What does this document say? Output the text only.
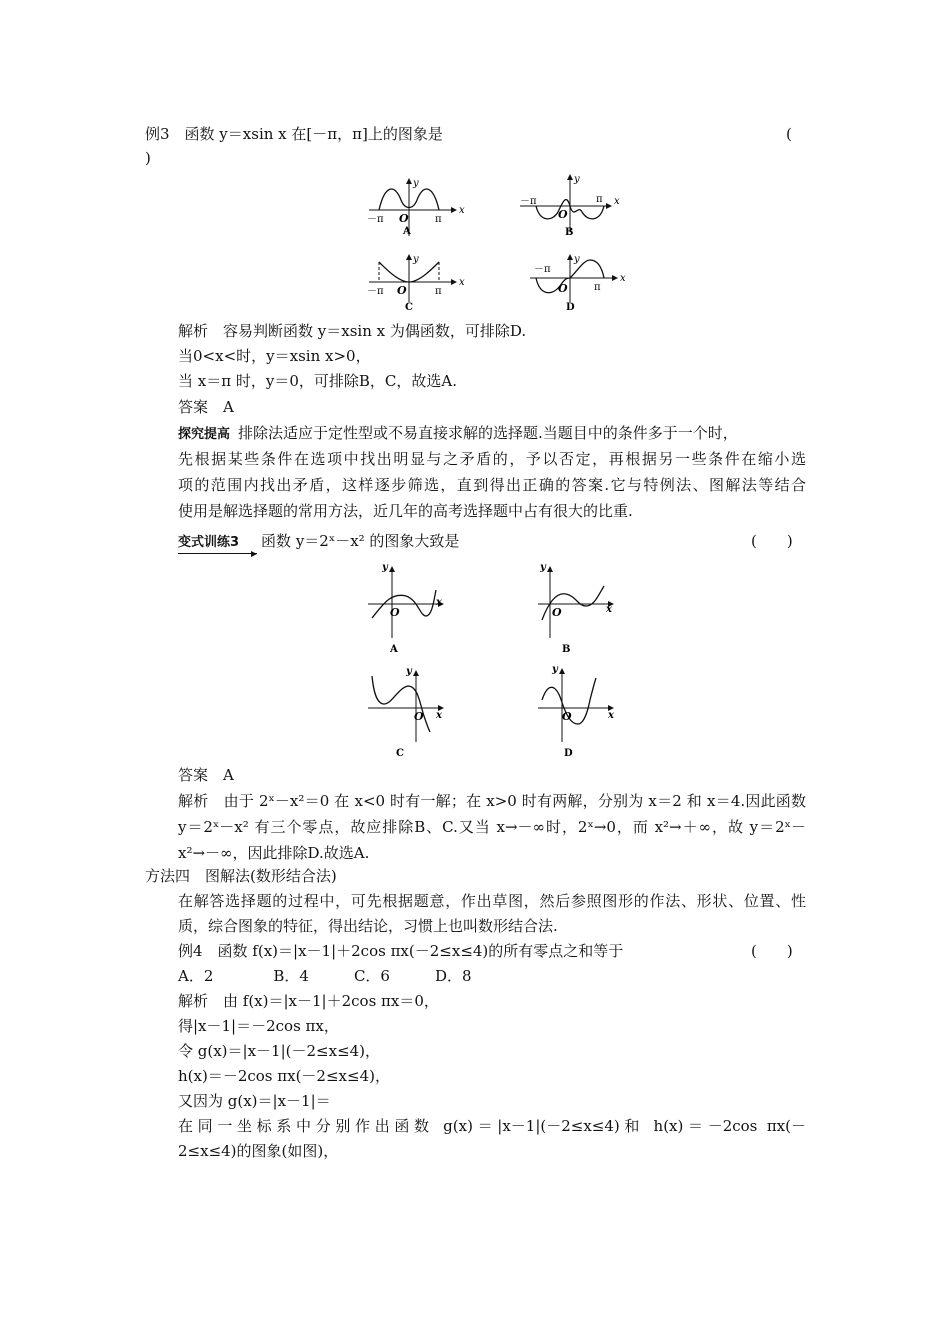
例3　函数 y＝xsin x 在[－π，π]上的图象是	(
)
－π O	π
x
y
A
－π
O
π x
y
B
－π O	π
x
y
C
－π
O	π
x
y
D
解析　容易判断函数 y＝xsin x 为偶函数，可排除D.
当0<x<时，y＝xsin x>0，
当 x＝π 时，y＝0，可排除B，C，故选A.
答案　A
探究提高 排除法适应于定性型或不易直接求解的选择题.当题目中的条件多于一个时，
先根据某些条件在选项中找出明显与之矛盾的，予以否定，再根据另一些条件在缩小选
项的范围内找出矛盾，这样逐步筛选，直到得出正确的答案.它与特例法、图解法等结合
使用是解选择题的常用方法，近几年的高考选择题中占有很大的比重.
变式训练3 函数 y＝2ˣ－x² 的图象大致是	(　　)
y
O
x
A
y
O	x
B
y
O x
C
y
O	x
D
答案　A
解析　由于 2ˣ－x²＝0 在 x<0 时有一解；在 x>0 时有两解，分别为 x＝2 和 x＝4.因此函数
y＝2ˣ－x² 有三个零点，故应排除B、C.又当 x→－∞时，2ˣ→0，而 x²→＋∞，故 y＝2ˣ－
x²→－∞，因此排除D.故选A.
方法四　图解法(数形结合法)
在解答选择题的过程中，可先根据题意，作出草图，然后参照图形的作法、形状、位置、性
质，综合图象的特征，得出结论，习惯上也叫数形结合法.
例4　函数 f(x)＝|x－1|＋2cos πx(－2≤x≤4)的所有零点之和等于	(　　)
A．2　　　　B．4　　　C．6　　　D．8
解析　由 f(x)＝|x－1|＋2cos πx＝0，
得|x－1|＝－2cos πx，
令 g(x)＝|x－1|(－2≤x≤4)，
h(x)＝－2cos πx(－2≤x≤4)，
又因为 g(x)＝|x－1|＝
在同一坐标系中分别作出函数 g(x)＝|x－1|(－2≤x≤4)和 h(x)＝－2cos πx(－
2≤x≤4)的图象(如图)，
